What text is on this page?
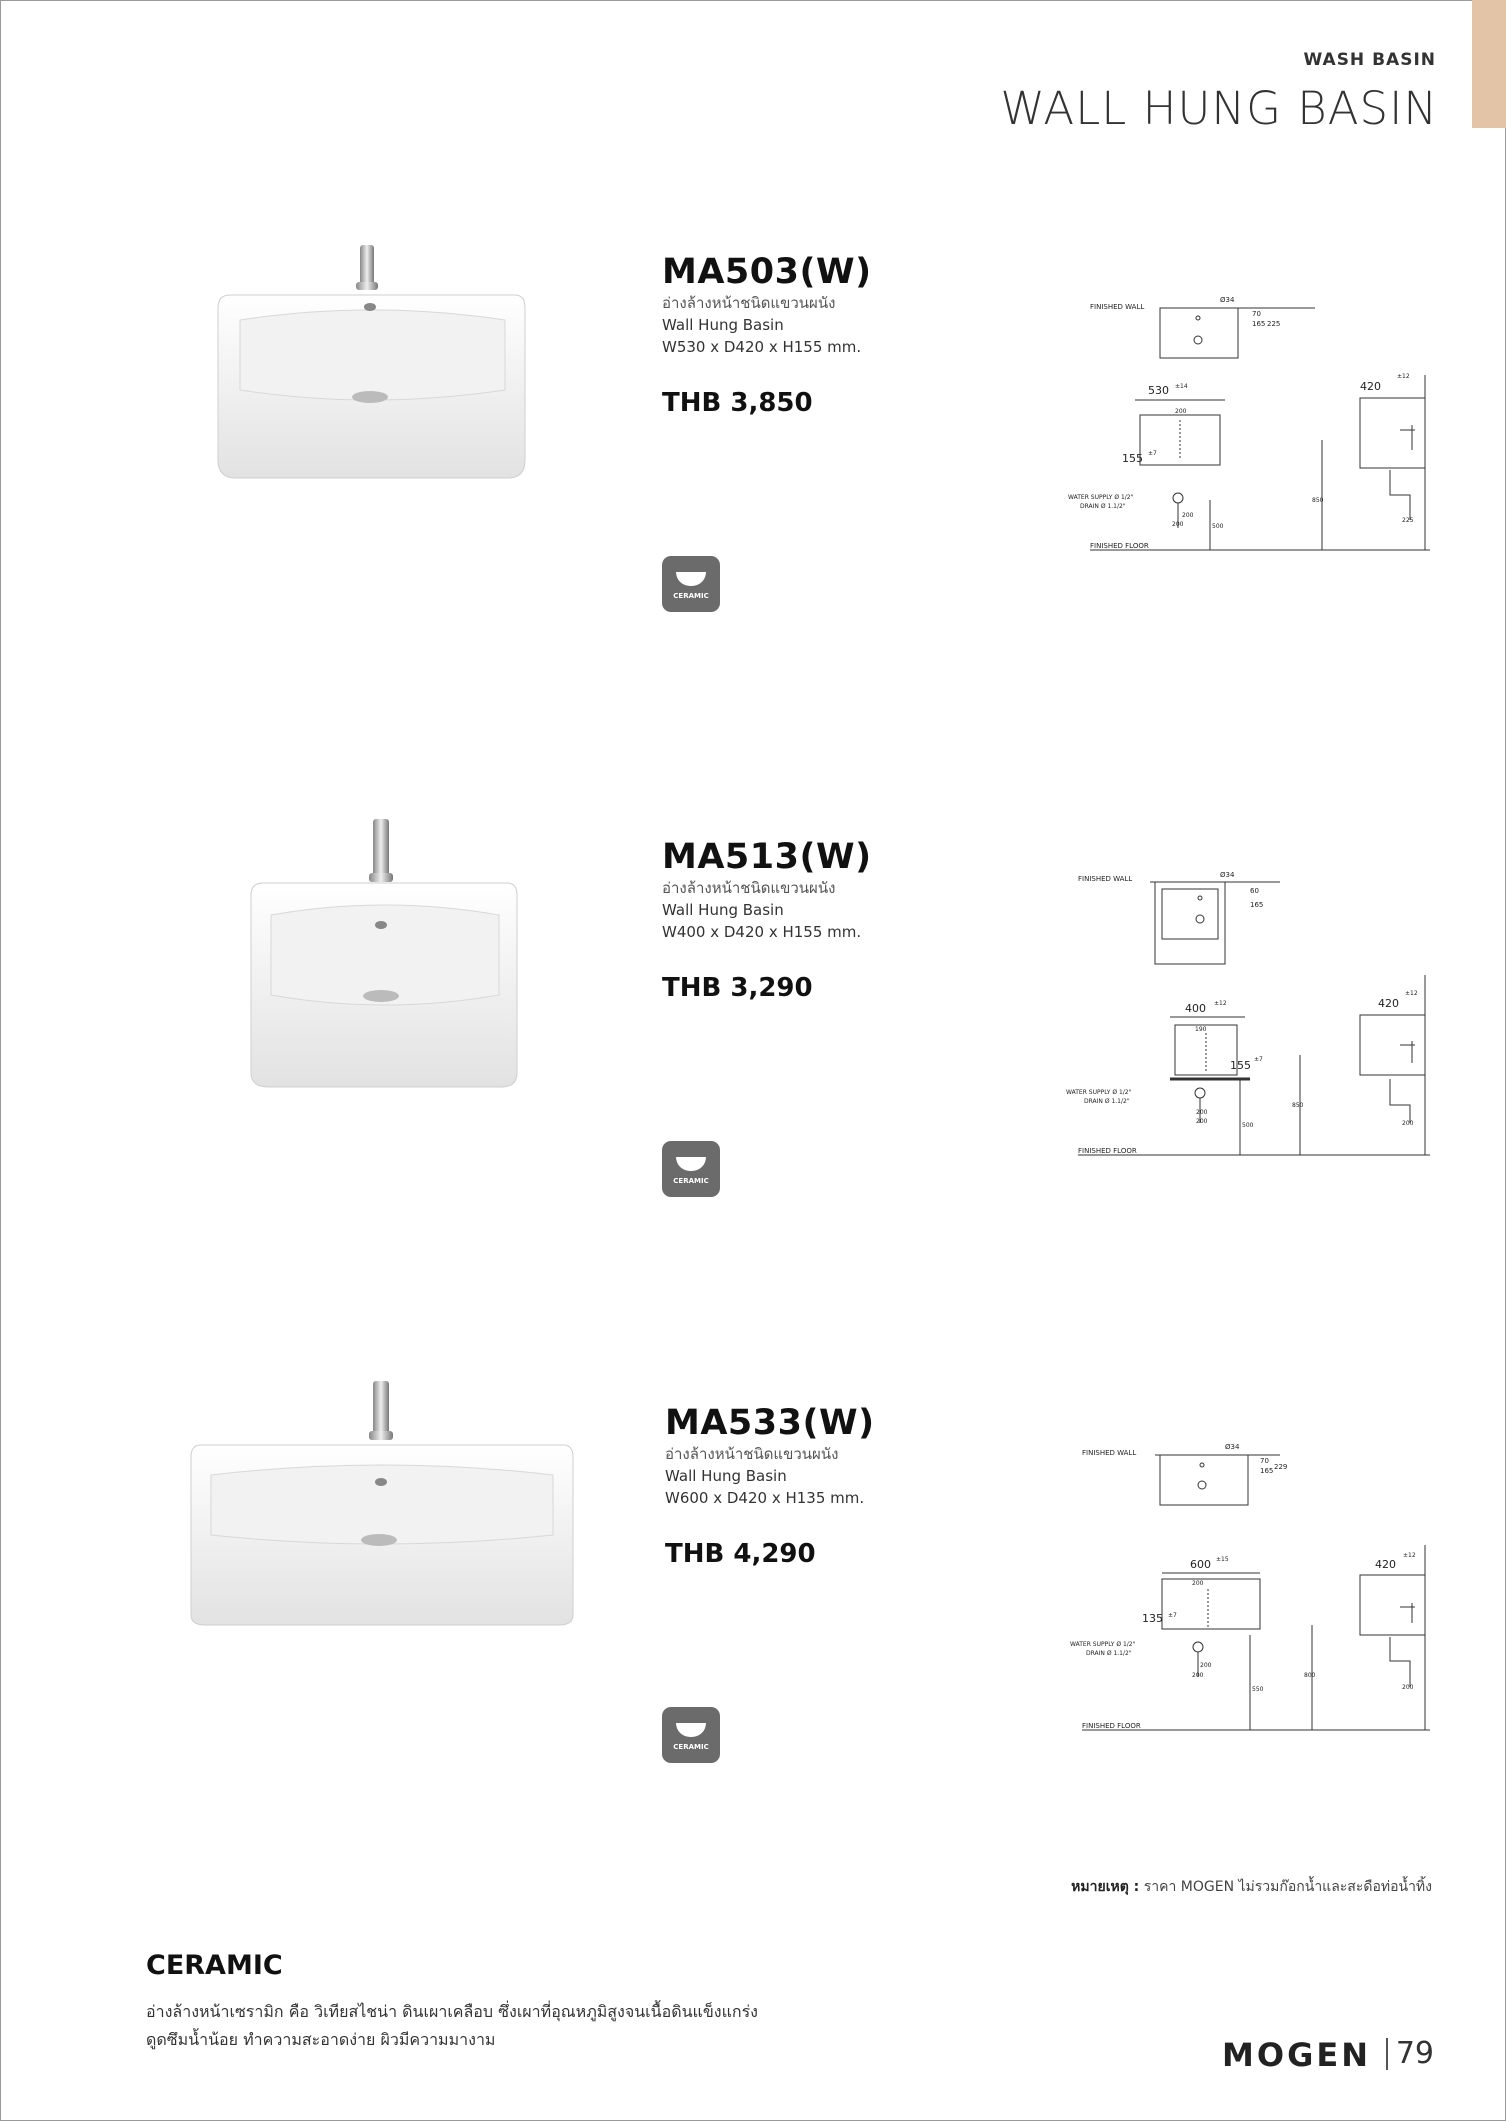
WASH BASIN
WALL HUNG BASIN
MA503(W)
อ่างล้างหน้าชนิดแขวนผนัง
Wall Hung Basin
W530 x D420 x H155 mm.
THB 3,850
CERAMIC
FINISHED WALL
Ø34
70
165 225
530 ±14
200
155 ±7
WATER SUPPLY Ø 1/2"
DRAIN Ø 1.1/2"
200
200	500
FINISHED FLOOR
420
±12
850
225
MA513(W)
อ่างล้างหน้าชนิดแขวนผนัง
Wall Hung Basin
W400 x D420 x H155 mm.
THB 3,290
CERAMIC
FINISHED WALL	Ø34
60
165
400 ±12
190
155 ±7
WATER SUPPLY Ø 1/2"
DRAIN Ø 1.1/2"
200
200
500
FINISHED FLOOR
420
±12
850
200
MA533(W)
อ่างล้างหน้าชนิดแขวนผนัง
Wall Hung Basin
W600 x D420 x H135 mm.
THB 4,290
CERAMIC
FINISHED WALL
Ø34
70
165 229
600 ±15
200
135 ±7
WATER SUPPLY Ø 1/2"
DRAIN Ø 1.1/2"
200
200
550
FINISHED FLOOR
420
±12
800
200
หมายเหตุ : ราคา MOGEN ไม่รวมก๊อกน้ำและสะดือท่อน้ำทิ้ง
CERAMIC
อ่างล้างหน้าเซรามิก คือ วิเทียสไชน่า ดินเผาเคลือบ ซึ่งเผาที่อุณหภูมิสูงจนเนื้อดินแข็งแกร่ง
ดูดซึมน้ำน้อย ทำความสะอาดง่าย ผิวมีความมางาม	MOGEN 79
